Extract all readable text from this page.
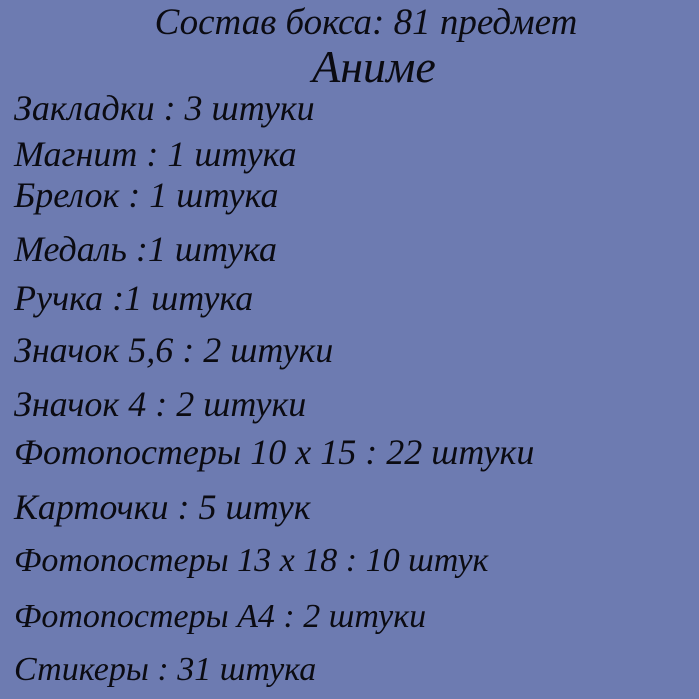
Состав бокса: 81 предмет
Аниме
Закладки : 3 штуки
Магнит : 1 штука
Брелок : 1 штука
Медаль :1 штука
Ручка :1 штука
Значок 5,6 : 2 штуки
Значок 4 : 2 штуки
Фотопостеры 10 х 15 : 22 штуки
Карточки : 5 штук
Фотопостеры 13 х 18 : 10 штук
Фотопостеры А4 : 2 штуки
Стикеры : 31 штука
